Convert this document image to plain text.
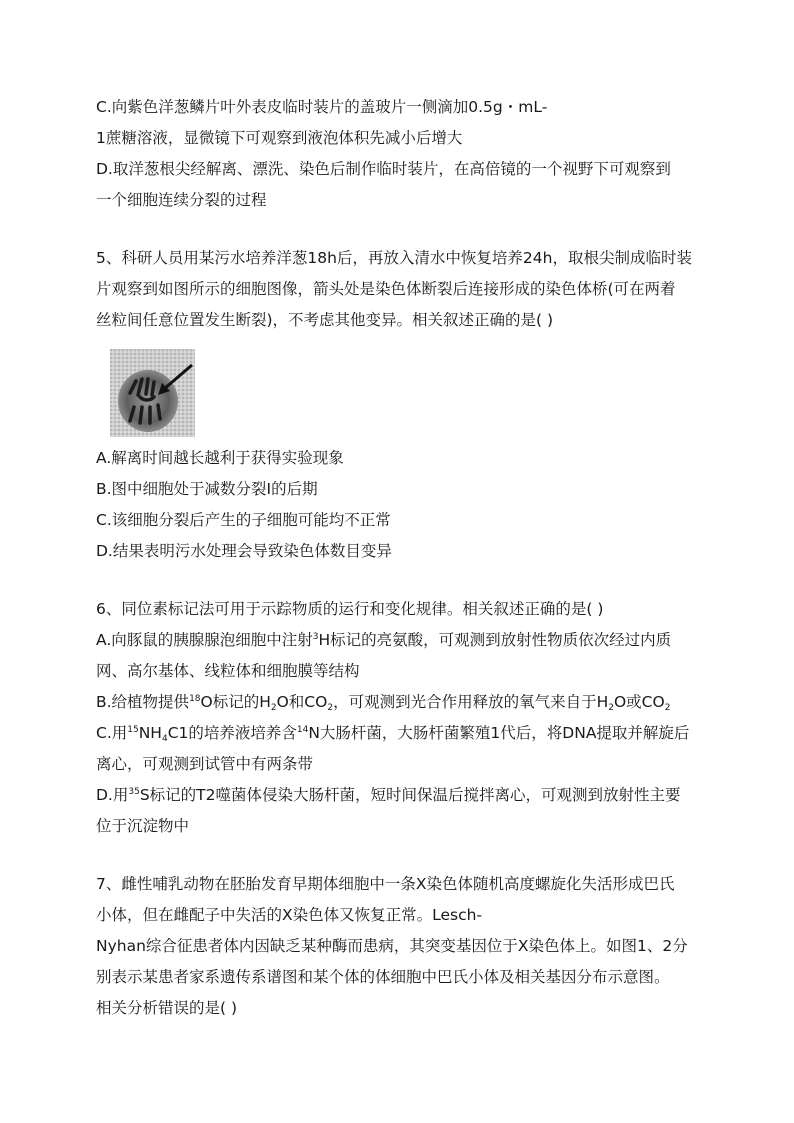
C.向紫色洋葱鳞片叶外表皮临时装片的盖玻片一侧滴加0.5g・mL-

1蔗糖溶液，显微镜下可观察到液泡体积先减小后增大

D.取洋葱根尖经解离、漂洗、染色后制作临时装片，在高倍镜的一个视野下可观察到

一个细胞连续分裂的过程

5、科研人员用某污水培养洋葱18h后，再放入清水中恢复培养24h，取根尖制成临时装

片观察到如图所示的细胞图像，箭头处是染色体断裂后连接形成的染色体桥(可在两着

丝粒间任意位置发生断裂)，不考虑其他变异。相关叙述正确的是( )

A.解离时间越长越利于获得实验现象

B.图中细胞处于减数分裂I的后期

C.该细胞分裂后产生的子细胞可能均不正常

D.结果表明污水处理会导致染色体数目变异

6、同位素标记法可用于示踪物质的运行和变化规律。相关叙述正确的是( )

A.向豚鼠的胰腺腺泡细胞中注射$^3$H标记的亮氨酸，可观测到放射性物质依次经过内质

网、高尔基体、线粒体和细胞膜等结构

B.给植物提供$^{18}$O标记的$H_2O$和$CO_2$，可观测到光合作用释放的氧气来自于$H_2O$或$CO_2$

C.用$^{15}NH_4C1$的培养液培养含$^{14}$N大肠杆菌，大肠杆菌繁殖1代后，将DNA提取并解旋后

离心，可观测到试管中有两条带

D.用$^{35}$S标记的T2噬菌体侵染大肠杆菌，短时间保温后搅拌离心，可观测到放射性主要

位于沉淀物中

7、雌性哺乳动物在胚胎发育早期体细胞中一条X染色体随机高度螺旋化失活形成巴氏

小体，但在雌配子中失活的X染色体又恢复正常。Lesch-

Nyhan综合征患者体内因缺乏某种酶而患病，其突变基因位于X染色体上。如图1、2分

别表示某患者家系遗传系谱图和某个体的体细胞中巴氏小体及相关基因分布示意图。

相关分析错误的是( )
